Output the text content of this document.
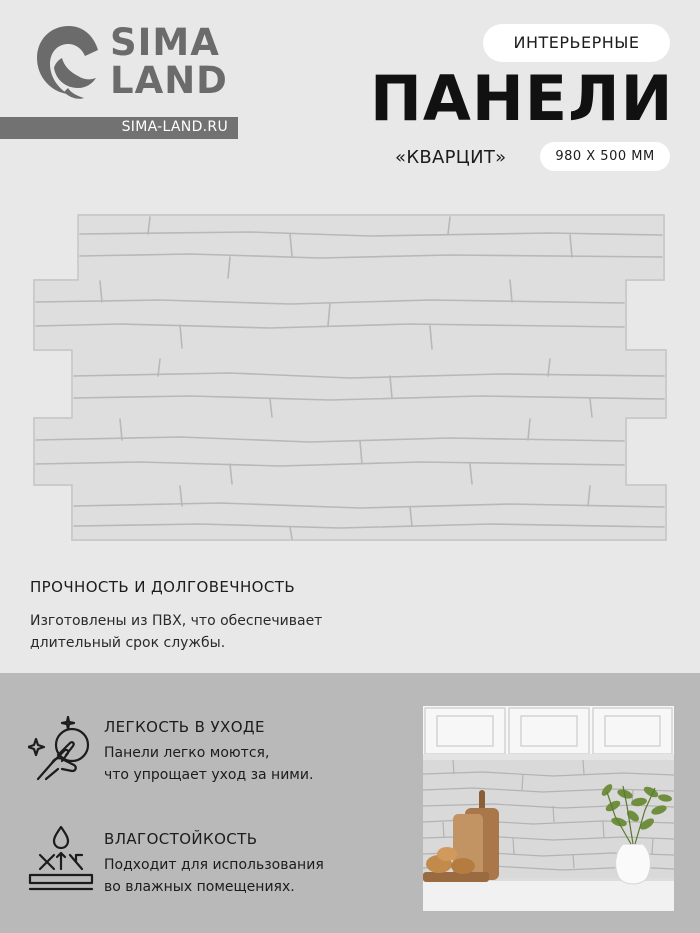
SIMA
LAND
SIMA-LAND.RU
ИНТЕРЬЕРНЫЕ
ПАНЕЛИ
«КВАРЦИТ»	980 Х 500 ММ
ПРОЧНОСТЬ И ДОЛГОВЕЧНОСТЬ
Изготовлены из ПВХ, что обеспечивает
длительный срок службы.
ЛЕГКОСТЬ В УХОДЕ
Панели легко моются,
что упрощает уход за ними.
ВЛАГОСТОЙКОСТЬ
Подходит для использования
во влажных помещениях.
